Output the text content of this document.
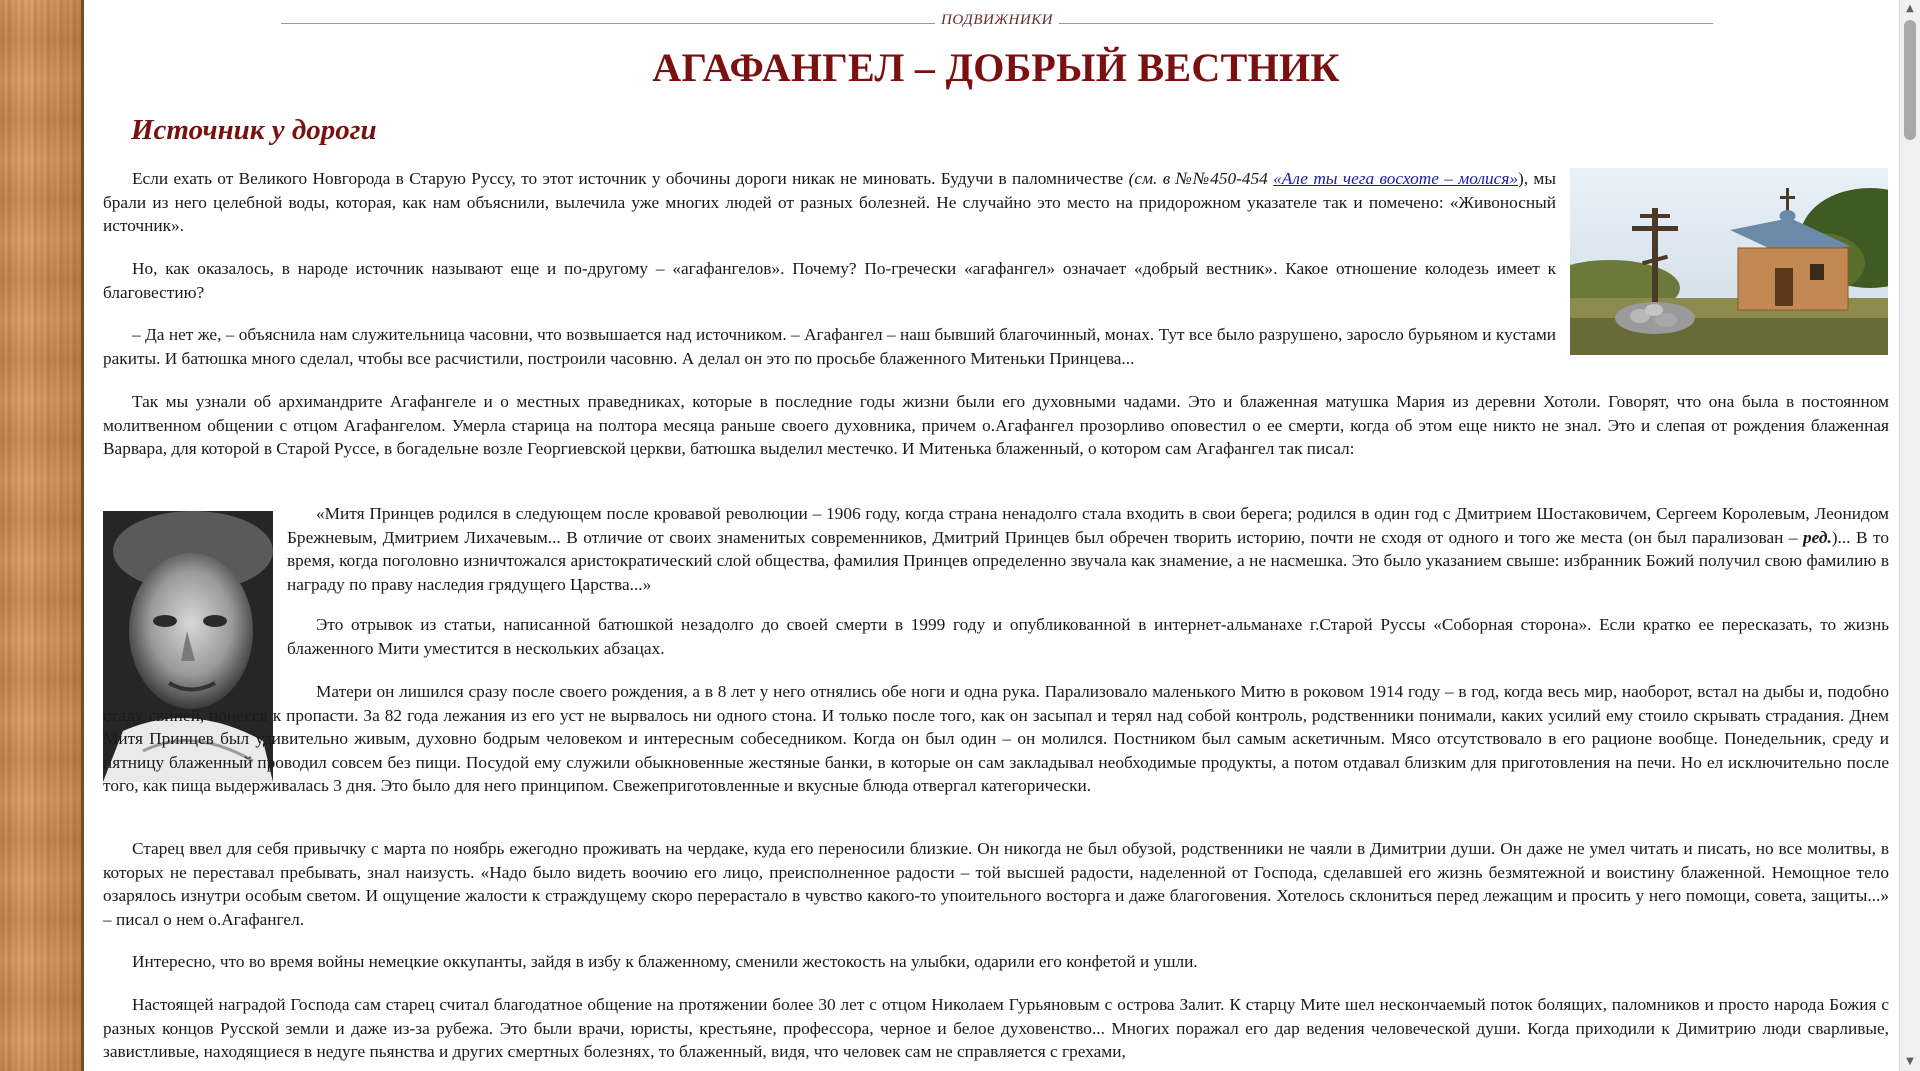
ПОДВИЖНИКИ
АГАФАНГЕЛ – ДОБРЫЙ ВЕСТНИК
Источник у дороги

Если ехать от Великого Новгорода в Старую Руссу, то этот источник у обочины дороги никак не миновать. Будучи в паломничестве (см. в №№450-454 «Але ты чега восхоте – молися»), мы брали из него целебной воды, которая, как нам объяснили, вылечила уже многих людей от разных болезней. Не случайно это место на придорожном указателе так и помечено: «Живоносный источник».

Но, как оказалось, в народе источник называют еще и по-другому – «агафангелов». Почему? По-гречески «агафангел» означает «добрый вестник». Какое отношение колодезь имеет к благовестию?

– Да нет же, – объяснила нам служительница часовни, что возвышается над источником. – Агафангел – наш бывший благочинный, монах. Тут все было разрушено, заросло бурьяном и кустами ракиты. И батюшка много сделал, чтобы все расчистили, построили часовню. А делал он это по просьбе блаженного Митеньки Принцева...

Так мы узнали об архимандрите Агафангеле и о местных праведниках, которые в последние годы жизни были его духовными чадами. Это и блаженная матушка Мария из деревни Хотоли. Говорят, что она была в постоянном молитвенном общении с отцом Агафангелом. Умерла старица на полтора месяца раньше своего духовника, причем о.Агафангел прозорливо оповестил о ее смерти, когда об этом еще никто не знал. Это и слепая от рождения блаженная Варвара, для которой в Старой Руссе, в богадельне возле Георгиевской церкви, батюшка выделил местечко. И Митенька блаженный, о котором сам Агафангел так писал:

«Митя Принцев родился в следующем после кровавой революции – 1906 году, когда страна ненадолго стала входить в свои берега; родился в один год с Дмитрием Шостаковичем, Сергеем Королевым, Леонидом Брежневым, Дмитрием Лихачевым... В отличие от своих знаменитых современников, Дмитрий Принцев был обречен творить историю, почти не сходя от одного и того же места (он был парализован – ред.)... В то время, когда поголовно изничтожался аристократический слой общества, фамилия Принцев определенно звучала как знамение, а не насмешка. Это было указанием свыше: избранник Божий получил свою фамилию в награду по праву наследия грядущего Царства...»

Это отрывок из статьи, написанной батюшкой незадолго до своей смерти в 1999 году и опубликованной в интернет-альманахе г.Старой Руссы «Соборная сторона». Если кратко ее пересказать, то жизнь блаженного Мити уместится в нескольких абзацах.

Матери он лишился сразу после своего рождения, а в 8 лет у него отнялись обе ноги и одна рука. Парализовало маленького Митю в роковом 1914 году – в год, когда весь мир, наоборот, встал на дыбы и, подобно стаду свиней, понесся к пропасти. За 82 года лежания из его уст не вырвалось ни одного стона. И только после того, как он засыпал и терял над собой контроль, родственники понимали, каких усилий ему стоило скрывать страдания. Днем Митя Принцев был удивительно живым, духовно бодрым человеком и интересным собеседником. Когда он был один – он молился. Постником был самым аскетичным. Мясо отсутствовало в его рационе вообще. Понедельник, среду и пятницу блаженный проводил совсем без пищи. Посудой ему служили обыкновенные жестяные банки, в которые он сам закладывал необходимые продукты, а потом отдавал близким для приготовления на печи. Но ел исключительно после того, как пища выдерживалась 3 дня. Это было для него принципом. Свежеприготовленные и вкусные блюда отвергал категорически.

Старец ввел для себя привычку с марта по ноябрь ежегодно проживать на чердаке, куда его переносили близкие. Он никогда не был обузой, родственники не чаяли в Димитрии души. Он даже не умел читать и писать, но все молитвы, в которых не переставал пребывать, знал наизусть. «Надо было видеть воочию его лицо, преисполненное радости – той высшей радости, наделенной от Господа, сделавшей его жизнь безмятежной и воистину блаженной. Немощное тело озарялось изнутри особым светом. И ощущение жалости к страждущему скоро перерастало в чувство какого-то упоительного восторга и даже благоговения. Хотелось склониться перед лежащим и просить у него помощи, совета, защиты...» – писал о нем о.Агафангел.

Интересно, что во время войны немецкие оккупанты, зайдя в избу к блаженному, сменили жестокость на улыбки, одарили его конфетой и ушли.

Настоящей наградой Господа сам старец считал благодатное общение на протяжении более 30 лет с отцом Николаем Гурьяновым с острова Залит. К старцу Мите шел нескончаемый поток болящих, паломников и просто народа Божия с разных концов Русской земли и даже из-за рубежа. Это были врачи, юристы, крестьяне, профессора, черное и белое духовенство... Многих поражал его дар ведения человеческой души. Когда приходили к Димитрию люди сварливые, завистливые, находящиеся в недуге пьянства и других смертных болезнях, то блаженный, видя, что человек сам не справляется с грехами,

▲
▼
